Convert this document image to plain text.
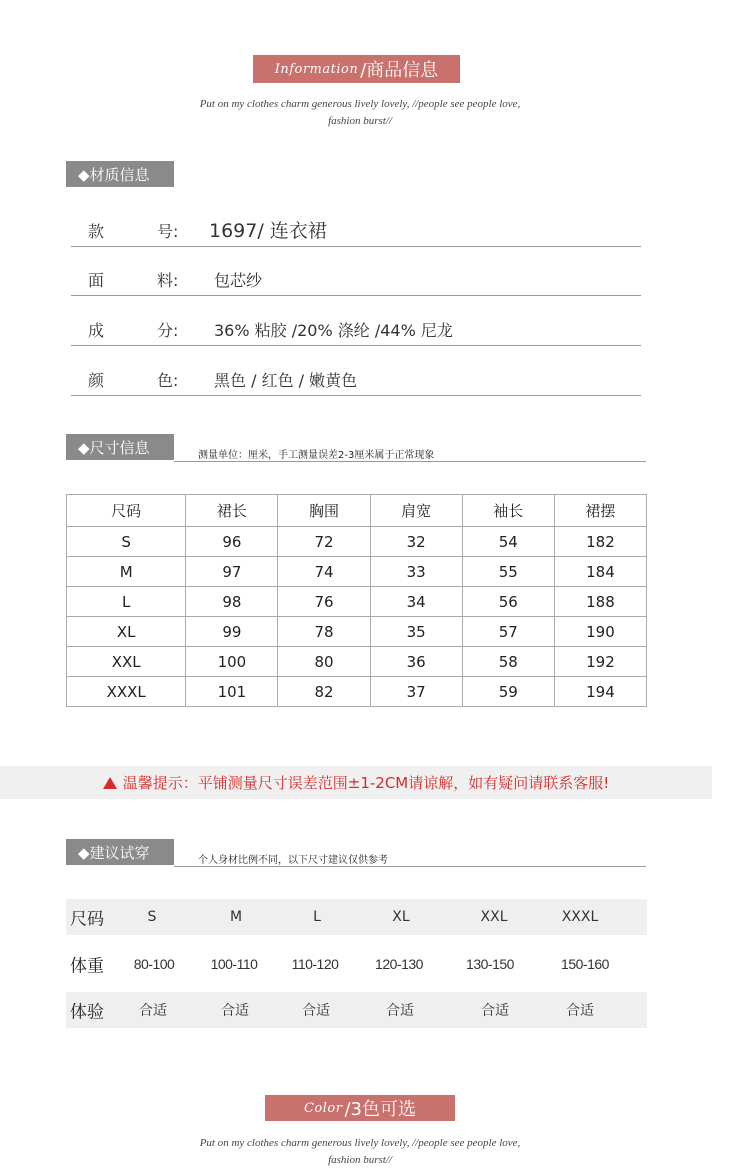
Information /商品信息
Put on my clothes charm generous lively lovely, //people see people love,
fashion burst//
◆材质信息
款	号: 1697/ 连衣裙
面	料: 包芯纱
成	分: 36% 粘胶 /20% 涤纶 /44% 尼龙
颜	色: 黑色 / 红色 / 嫩黄色
◆尺寸信息	测量单位：厘米，手工测量误差2-3厘米属于正常现象
尺码	裙长	胸围	肩宽	袖长	裙摆
S	96	72	32	54	182
M	97	74	33	55	184
L	98	76	34	56	188
XL	99	78	35	57	190
XXL	100	80	36	58	192
XXXL	101	82	37	59	194
温馨提示： 平铺测量尺寸误差范围±1-2CM请谅解，如有疑问请联系客服!
◆建议试穿	个人身材比例不同，以下尺寸建议仅供参考
尺码	S	M	L	XL	XXL	XXXL
体重 80-100	100-110 110-120	120-130	130-150	150-160
体验	合适	合适	合适	合适	合适	合适
Color /3色可选
Put on my clothes charm generous lively lovely, //people see people love,
fashion burst//
